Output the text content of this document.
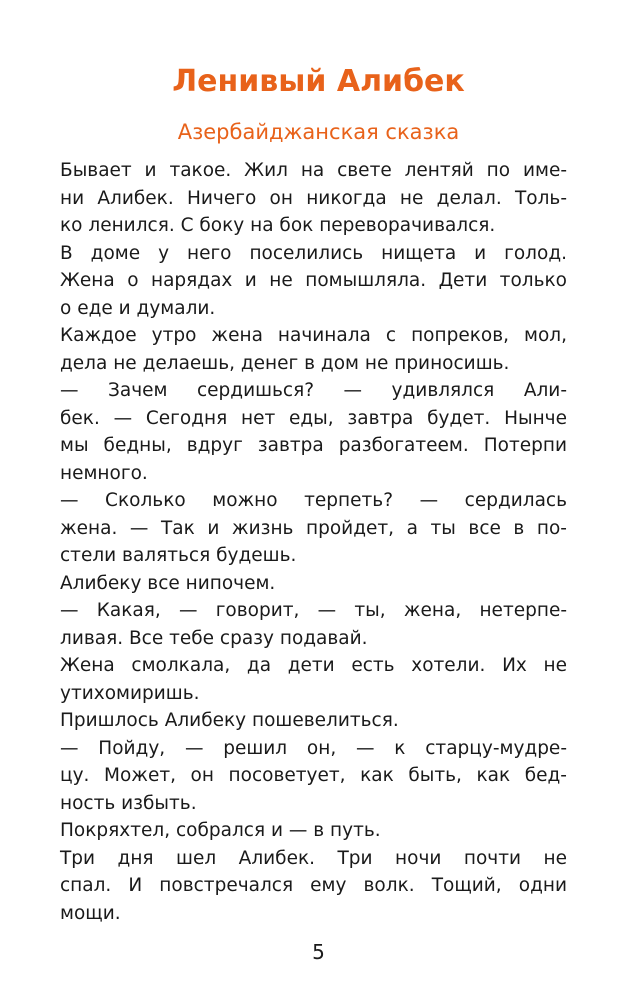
Ленивый Алибек
Азербайджанская сказка
Бывает и такое. Жил на свете лентяй по име-
ни Алибек. Ничего он никогда не делал. Толь-
ко ленился. С боку на бок переворачивался.
В доме у него поселились нищета и голод.
Жена о нарядах и не помышляла. Дети только
о еде и думали.
Каждое утро жена начинала с попреков, мол,
дела не делаешь, денег в дом не приносишь.
— Зачем сердишься? — удивлялся Али-
бек. — Сегодня нет еды, завтра будет. Нынче
мы бедны, вдруг завтра разбогатеем. Потерпи
немного.
— Сколько можно терпеть? — сердилась
жена. — Так и жизнь пройдет, а ты все в по-
стели валяться будешь.
Алибеку все нипочем.
— Какая, — говорит, — ты, жена, нетерпе-
ливая. Все тебе сразу подавай.
Жена смолкала, да дети есть хотели. Их не
утихомиришь.
Пришлось Алибеку пошевелиться.
— Пойду, — решил он, — к старцу-мудре-
цу. Может, он посоветует, как быть, как бед-
ность избыть.
Покряхтел, собрался и — в путь.
Три дня шел Алибек. Три ночи почти не
спал. И повстречался ему волк. Тощий, одни
мощи.
5
